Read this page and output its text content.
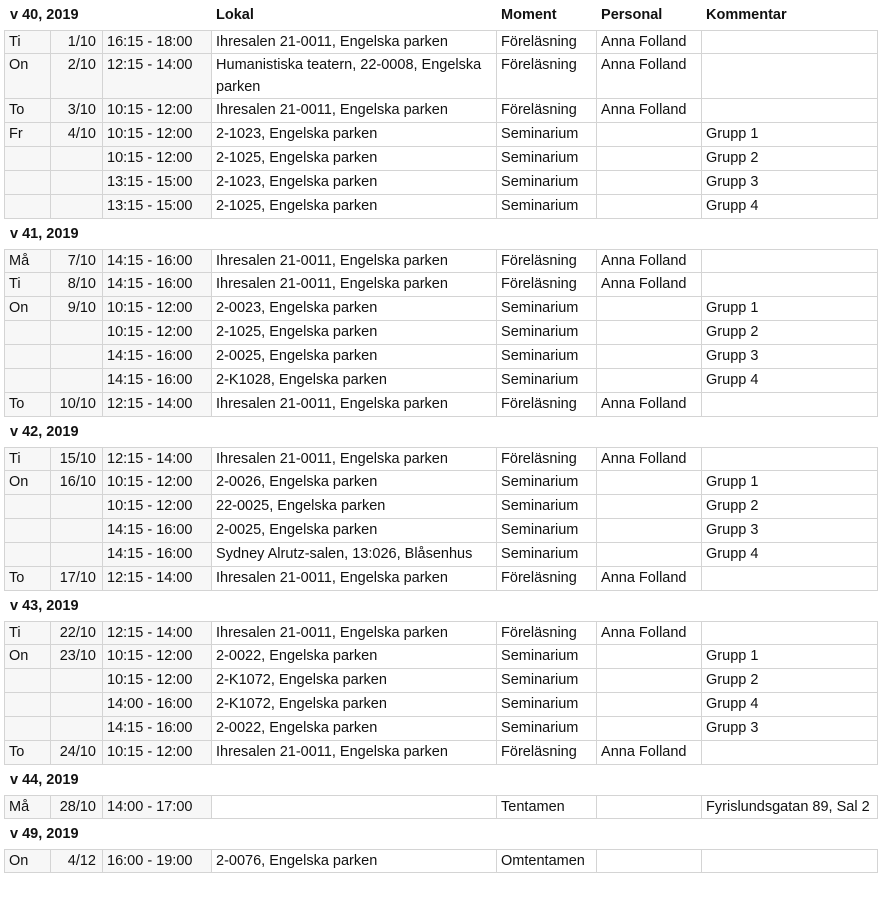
v 40, 2019			Lokal	Moment	Personal	Kommentar
Ti	1/10	16:15 - 18:00	Ihresalen 21-0011, Engelska parken	Föreläsning	Anna Folland	
On	2/10	12:15 - 14:00	Humanistiska teatern, 22-0008, Engelska parken	Föreläsning	Anna Folland	
To	3/10	10:15 - 12:00	Ihresalen 21-0011, Engelska parken	Föreläsning	Anna Folland	
Fr	4/10	10:15 - 12:00	2-1023, Engelska parken	Seminarium		Grupp 1
		10:15 - 12:00	2-1025, Engelska parken	Seminarium		Grupp 2
		13:15 - 15:00	2-1023, Engelska parken	Seminarium		Grupp 3
		13:15 - 15:00	2-1025, Engelska parken	Seminarium		Grupp 4
v 41, 2019						
Må	7/10	14:15 - 16:00	Ihresalen 21-0011, Engelska parken	Föreläsning	Anna Folland	
Ti	8/10	14:15 - 16:00	Ihresalen 21-0011, Engelska parken	Föreläsning	Anna Folland	
On	9/10	10:15 - 12:00	2-0023, Engelska parken	Seminarium		Grupp 1
		10:15 - 12:00	2-1025, Engelska parken	Seminarium		Grupp 2
		14:15 - 16:00	2-0025, Engelska parken	Seminarium		Grupp 3
		14:15 - 16:00	2-K1028, Engelska parken	Seminarium		Grupp 4
To	10/10	12:15 - 14:00	Ihresalen 21-0011, Engelska parken	Föreläsning	Anna Folland	
v 42, 2019						
Ti	15/10	12:15 - 14:00	Ihresalen 21-0011, Engelska parken	Föreläsning	Anna Folland	
On	16/10	10:15 - 12:00	2-0026, Engelska parken	Seminarium		Grupp 1
		10:15 - 12:00	22-0025, Engelska parken	Seminarium		Grupp 2
		14:15 - 16:00	2-0025, Engelska parken	Seminarium		Grupp 3
		14:15 - 16:00	Sydney Alrutz-salen, 13:026, Blåsenhus	Seminarium		Grupp 4
To	17/10	12:15 - 14:00	Ihresalen 21-0011, Engelska parken	Föreläsning	Anna Folland	
v 43, 2019						
Ti	22/10	12:15 - 14:00	Ihresalen 21-0011, Engelska parken	Föreläsning	Anna Folland	
On	23/10	10:15 - 12:00	2-0022, Engelska parken	Seminarium		Grupp 1
		10:15 - 12:00	2-K1072, Engelska parken	Seminarium		Grupp 2
		14:00 - 16:00	2-K1072, Engelska parken	Seminarium		Grupp 4
		14:15 - 16:00	2-0022, Engelska parken	Seminarium		Grupp 3
To	24/10	10:15 - 12:00	Ihresalen 21-0011, Engelska parken	Föreläsning	Anna Folland	
v 44, 2019						
Må	28/10	14:00 - 17:00		Tentamen		Fyrislundsgatan 89, Sal 2
v 49, 2019						
On	4/12	16:00 - 19:00	2-0076, Engelska parken	Omtentamen		
